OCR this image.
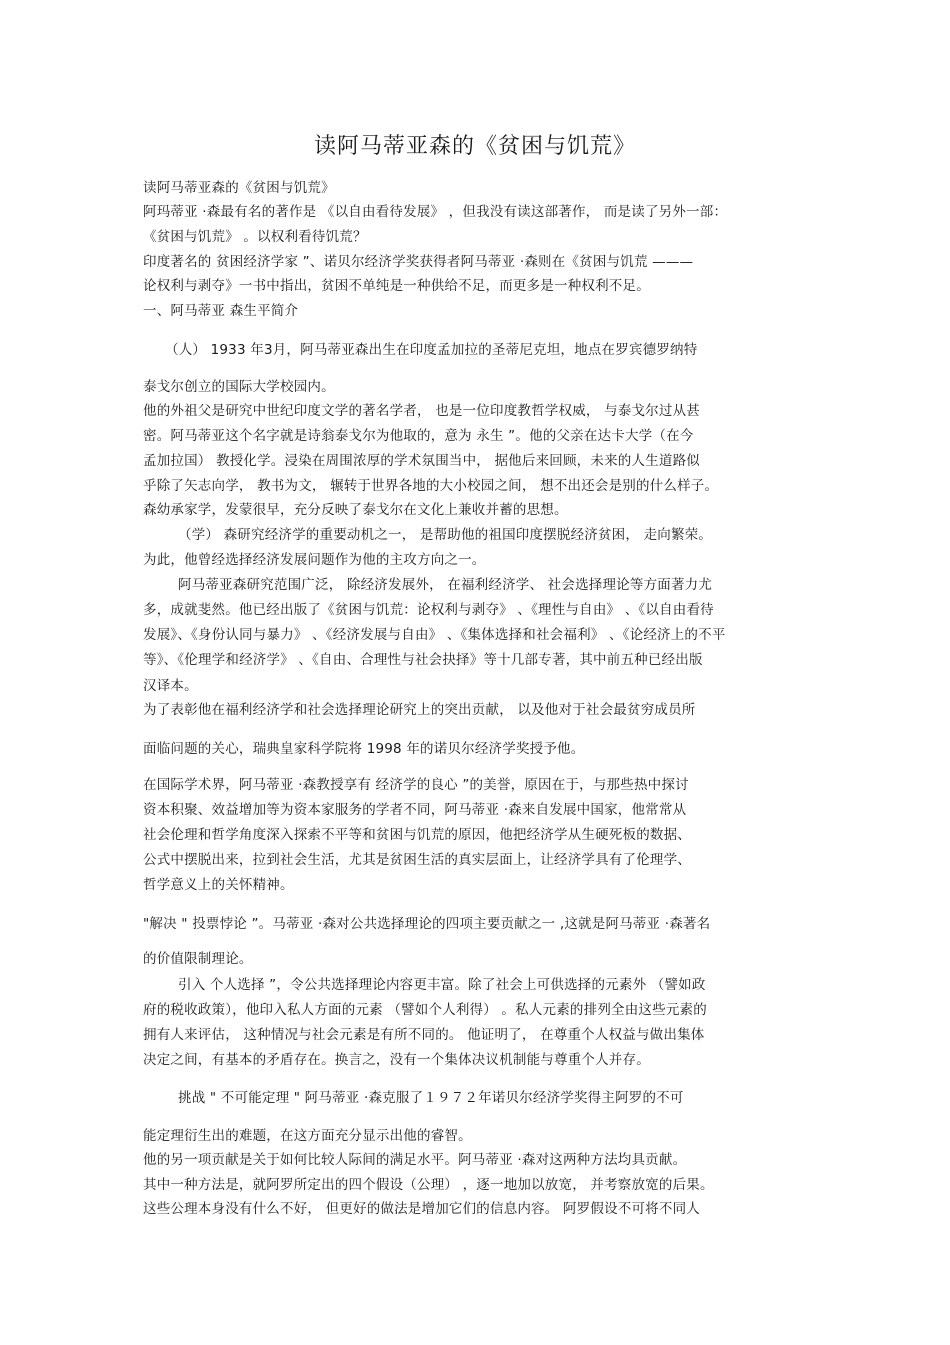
读阿马蒂亚森的《贫困与饥荒》
读阿马蒂亚森的《贫困与饥荒》
阿玛蒂亚 ·森最有名的著作是 《以自由看待发展》 ，但我没有读这部著作， 而是读了另外一部：
《贫困与饥荒》 。以权利看待饥荒？
印度著名的 贫困经济学家 ”、诺贝尔经济学奖获得者阿马蒂亚 ·森则在《贫困与饥荒 ———
论权利与剥夺》一书中指出，贫困不单纯是一种供给不足，而更多是一种权利不足。
一、阿马蒂亚 森生平简介
（人） 1933 年3月，阿马蒂亚森出生在印度孟加拉的圣蒂尼克坦，地点在罗宾德罗纳特
泰戈尔创立的国际大学校园内。
他的外祖父是研究中世纪印度文学的著名学者， 也是一位印度教哲学权威， 与泰戈尔过从甚
密。阿马蒂亚这个名字就是诗翁泰戈尔为他取的，意为 永生 ”。他的父亲在达卡大学（在今
孟加拉国） 教授化学。浸染在周围浓厚的学术氛围当中， 据他后来回顾，未来的人生道路似
乎除了矢志向学， 教书为文， 辗转于世界各地的大小校园之间， 想不出还会是别的什么样子。
森幼承家学，发蒙很早，充分反映了泰戈尔在文化上兼收并蓄的思想。
（学） 森研究经济学的重要动机之一， 是帮助他的祖国印度摆脱经济贫困， 走向繁荣。
为此，他曾经选择经济发展问题作为他的主攻方向之一。
阿马蒂亚森研究范围广泛， 除经济发展外， 在福利经济学、 社会选择理论等方面著力尤
多，成就斐然。他已经出版了《贫困与饥荒：论权利与剥夺》 、《理性与自由》 、《以自由看待
发展》、《身份认同与暴力》 、《经济发展与自由》 、《集体选择和社会福利》 、《论经济上的不平
等》、《伦理学和经济学》 、《自由、合理性与社会抉择》等十几部专著，其中前五种已经出版
汉译本。
为了表彰他在福利经济学和社会选择理论研究上的突出贡献， 以及他对于社会最贫穷成员所
面临问题的关心，瑞典皇家科学院将 1998 年的诺贝尔经济学奖授予他。
在国际学术界，阿马蒂亚 ·森教授享有 经济学的良心 ”的美誉，原因在于，与那些热中探讨
资本积聚、效益增加等为资本家服务的学者不同，阿马蒂亚 ·森来自发展中国家，他常常从
社会伦理和哲学角度深入探索不平等和贫困与饥荒的原因，他把经济学从生硬死板的数据、
公式中摆脱出来，拉到社会生活，尤其是贫困生活的真实层面上，让经济学具有了伦理学、
哲学意义上的关怀精神。
"解决 " 投票悖论 ”。马蒂亚 ·森对公共选择理论的四项主要贡献之一 ,这就是阿马蒂亚 ·森著名
的价值限制理论。
引入 个人选择 ”，令公共选择理论内容更丰富。除了社会上可供选择的元素外 （譬如政
府的税收政策），他印入私人方面的元素 （譬如个人利得） 。私人元素的排列全由这些元素的
拥有人来评估， 这种情况与社会元素是有所不同的。 他证明了， 在尊重个人权益与做出集体
决定之间，有基本的矛盾存在。换言之，没有一个集体决议机制能与尊重个人并存。
挑战 " 不可能定理 " 阿马蒂亚 ·森克服了１９７２年诺贝尔经济学奖得主阿罗的不可
能定理衍生出的难题，在这方面充分显示出他的睿智。
他的另一项贡献是关于如何比较人际间的满足水平。阿马蒂亚 ·森对这两种方法均具贡献。
其中一种方法是，就阿罗所定出的四个假设（公理） ，逐一地加以放宽， 并考察放宽的后果。
这些公理本身没有什么不好， 但更好的做法是增加它们的信息内容。 阿罗假设不可将不同人
